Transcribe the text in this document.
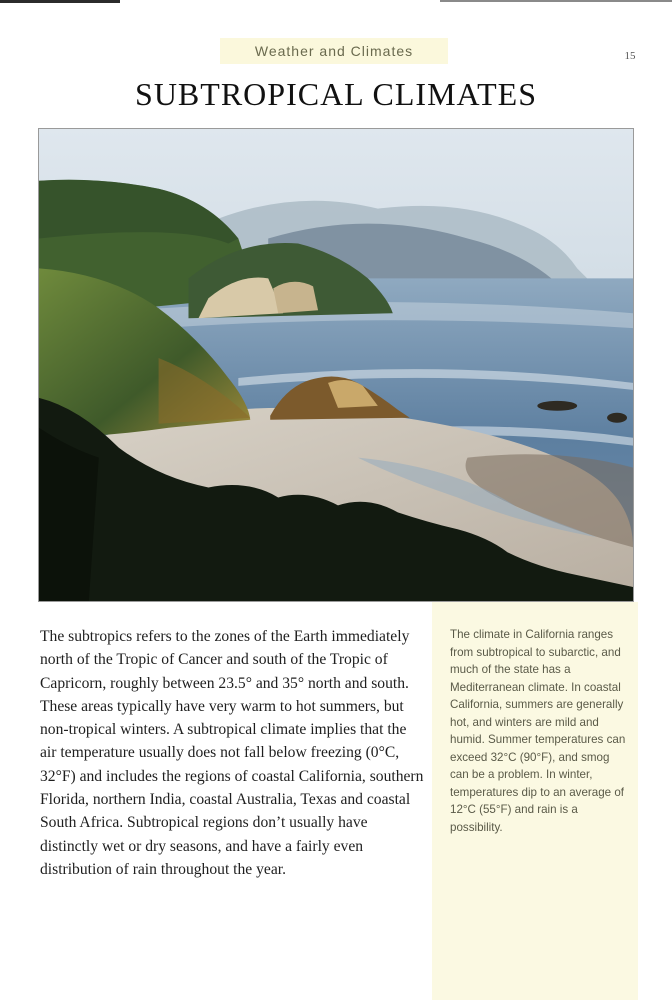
Weather and Climates	15
SUBTROPICAL CLIMATES

The subtropics refers to the zones of the Earth immediately north of the Tropic of Cancer and south of the Tropic of Capricorn, roughly between 23.5° and 35° north and south. These areas typically have very warm to hot summers, but non-tropical winters. A subtropical climate implies that the air temperature usually does not fall below freezing (0°C, 32°F) and includes the regions of coastal California, southern Florida, northern India, coastal Australia, Texas and coastal South Africa. Subtropical regions don’t usually have distinctly wet or dry seasons, and have a fairly even distribution of rain throughout the year.

The climate in California ranges from subtropical to subarctic, and much of the state has a Mediterranean climate. In coastal California, summers are generally hot, and winters are mild and humid. Summer temperatures can exceed 32°C (90°F), and smog can be a problem. In winter, temperatures dip to an average of 12°C (55°F) and rain is a possibility.
